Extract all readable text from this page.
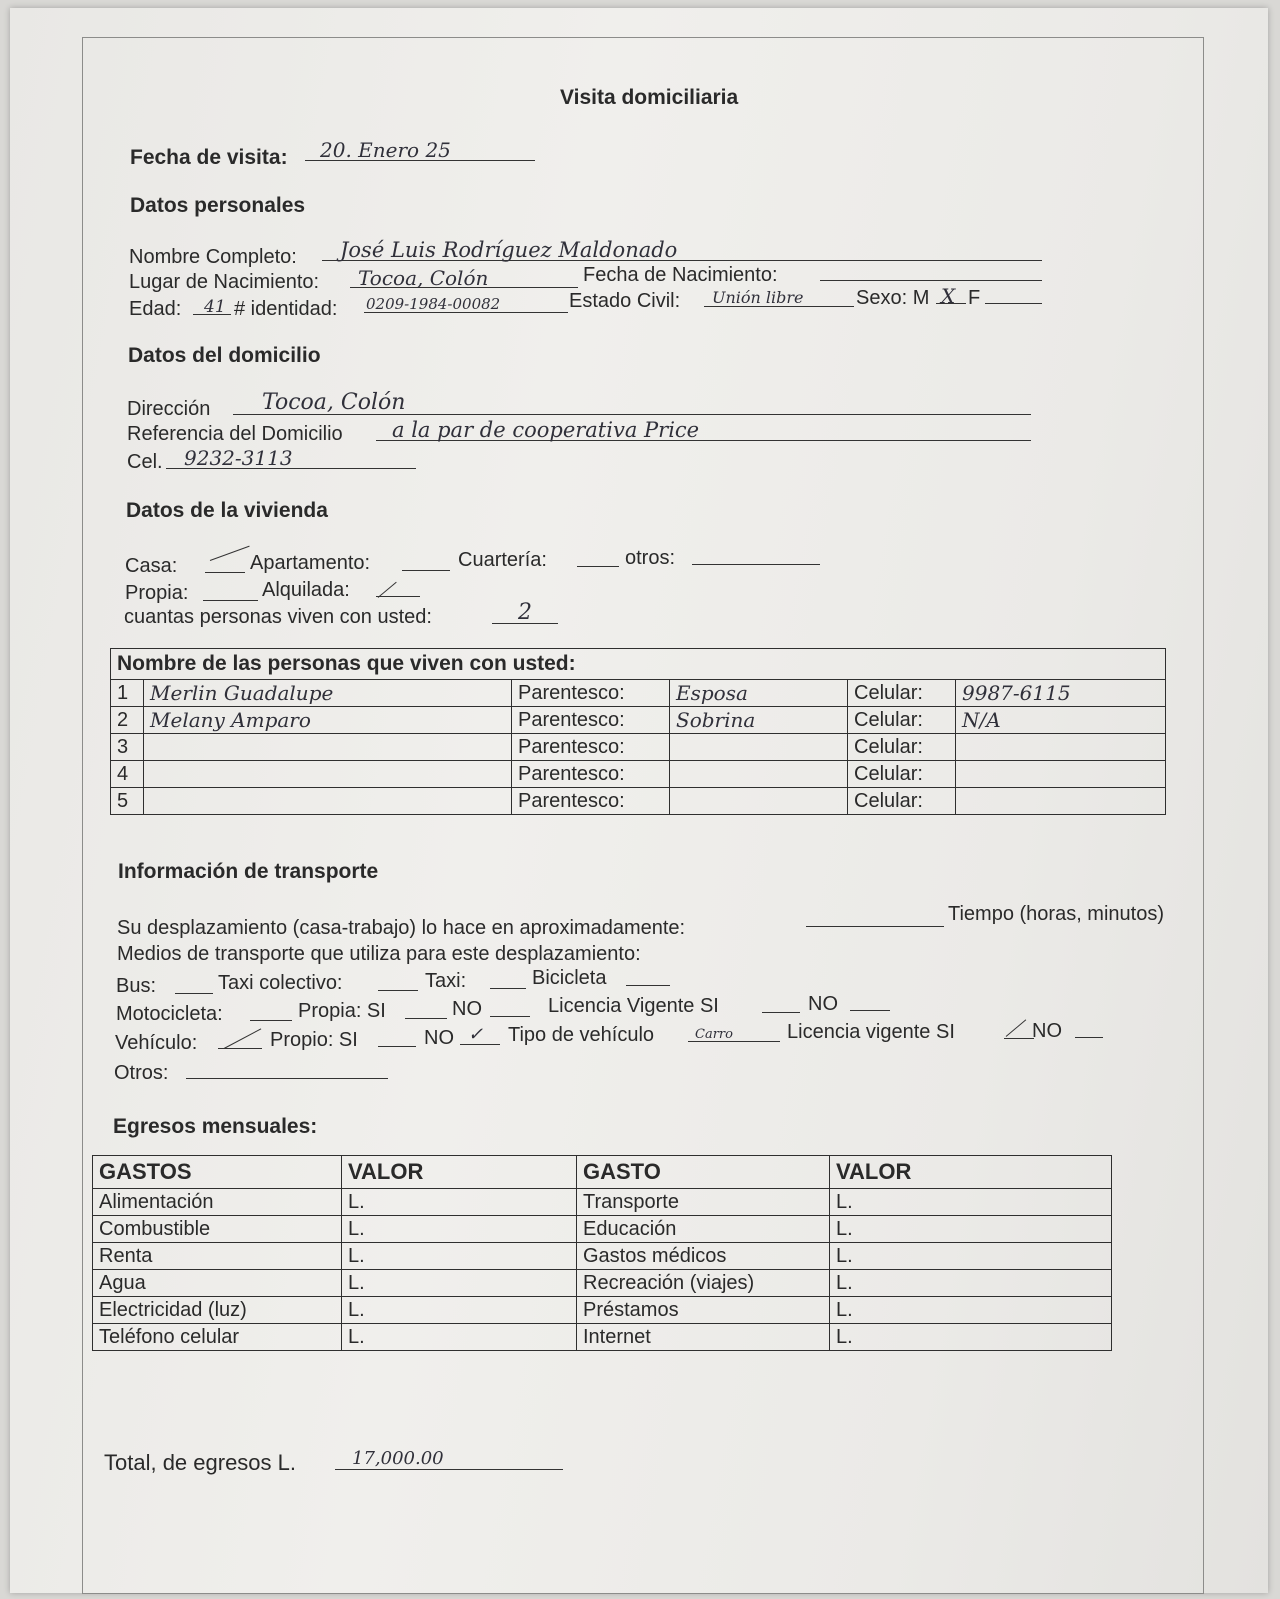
Visita domiciliaria
Fecha de visita: 20. Enero 25
Datos personales
Nombre Completo: José Luis Rodríguez Maldonado
Lugar de Nacimiento: Tocoa, Colón	Fecha de Nacimiento:
Edad: 41 # identidad: 0209-1984-00082	Estado Civil: Unión libre	Sexo: M X F
Datos del domicilio
Dirección Tocoa, Colón
Referencia del Domicilio a la par de cooperativa Price
Cel. 9232-3113
Datos de la vivienda
Casa:	Apartamento:	Cuartería:	otros:
Propia:	Alquilada:
cuantas personas viven con usted:	2
Nombre de las personas que viven con usted:					
1	Merlin Guadalupe	Parentesco:	Esposa	Celular:	9987-6115
2	Melany Amparo	Parentesco:	Sobrina	Celular:	N/A
3		Parentesco:		Celular:	
4		Parentesco:		Celular:	
5		Parentesco:		Celular:	
Información de transporte
Su desplazamiento (casa-trabajo) lo hace en aproximadamente:
Tiempo (horas, minutos)
Medios de transporte que utiliza para este desplazamiento:
Bus:	Taxi colectivo:	Taxi:	Bicicleta
Motocicleta:	Propia: SI	NO	Licencia Vigente SI	NO
Vehículo:	Propio: SI	NO ✓ Tipo de vehículo	Carro	Licencia vigente SI	NO
Otros:
Egresos mensuales:
GASTOS	VALOR	GASTO	VALOR
Alimentación	L.	Transporte	L.
Combustible	L.	Educación	L.
Renta	L.	Gastos médicos	L.
Agua	L.	Recreación (viajes)	L.
Electricidad (luz)	L.	Préstamos	L.
Teléfono celular	L.	Internet	L.
Total, de egresos L.	17,000.00
